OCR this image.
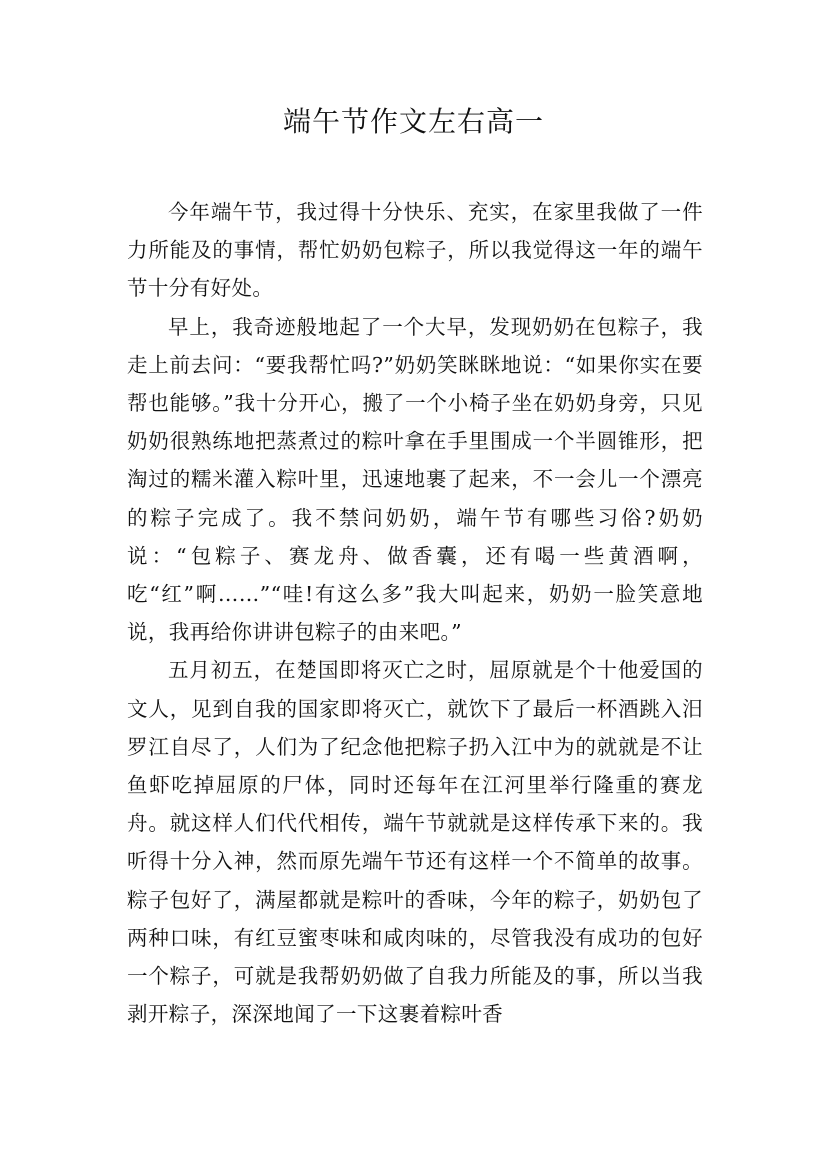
端午节作文左右高一

今年端午节，我过得十分快乐、充实，在家里我做了一件力所能及的事情，帮忙奶奶包粽子，所以我觉得这一年的端午节十分有好处。

早上，我奇迹般地起了一个大早，发现奶奶在包粽子，我走上前去问：“要我帮忙吗?”奶奶笑眯眯地说：“如果你实在要帮也能够。”我十分开心，搬了一个小椅子坐在奶奶身旁，只见奶奶很熟练地把蒸煮过的粽叶拿在手里围成一个半圆锥形，把淘过的糯米灌入粽叶里，迅速地裹了起来，不一会儿一个漂亮的粽子完成了。我不禁问奶奶，端午节有哪些习俗?奶奶说：“包粽子、赛龙舟、做香囊，还有喝一些黄酒啊，吃“红”啊……”“哇!有这么多”我大叫起来，奶奶一脸笑意地说，我再给你讲讲包粽子的由来吧。”

五月初五，在楚国即将灭亡之时，屈原就是个十他爱国的文人，见到自我的国家即将灭亡，就饮下了最后一杯酒跳入汨罗江自尽了，人们为了纪念他把粽子扔入江中为的就就是不让鱼虾吃掉屈原的尸体，同时还每年在江河里举行隆重的赛龙舟。就这样人们代代相传，端午节就就是这样传承下来的。我听得十分入神，然而原先端午节还有这样一个不简单的故事。粽子包好了，满屋都就是粽叶的香味，今年的粽子，奶奶包了两种口味，有红豆蜜枣味和咸肉味的，尽管我没有成功的包好一个粽子，可就是我帮奶奶做了自我力所能及的事，所以当我剥开粽子，深深地闻了一下这裹着粽叶香
